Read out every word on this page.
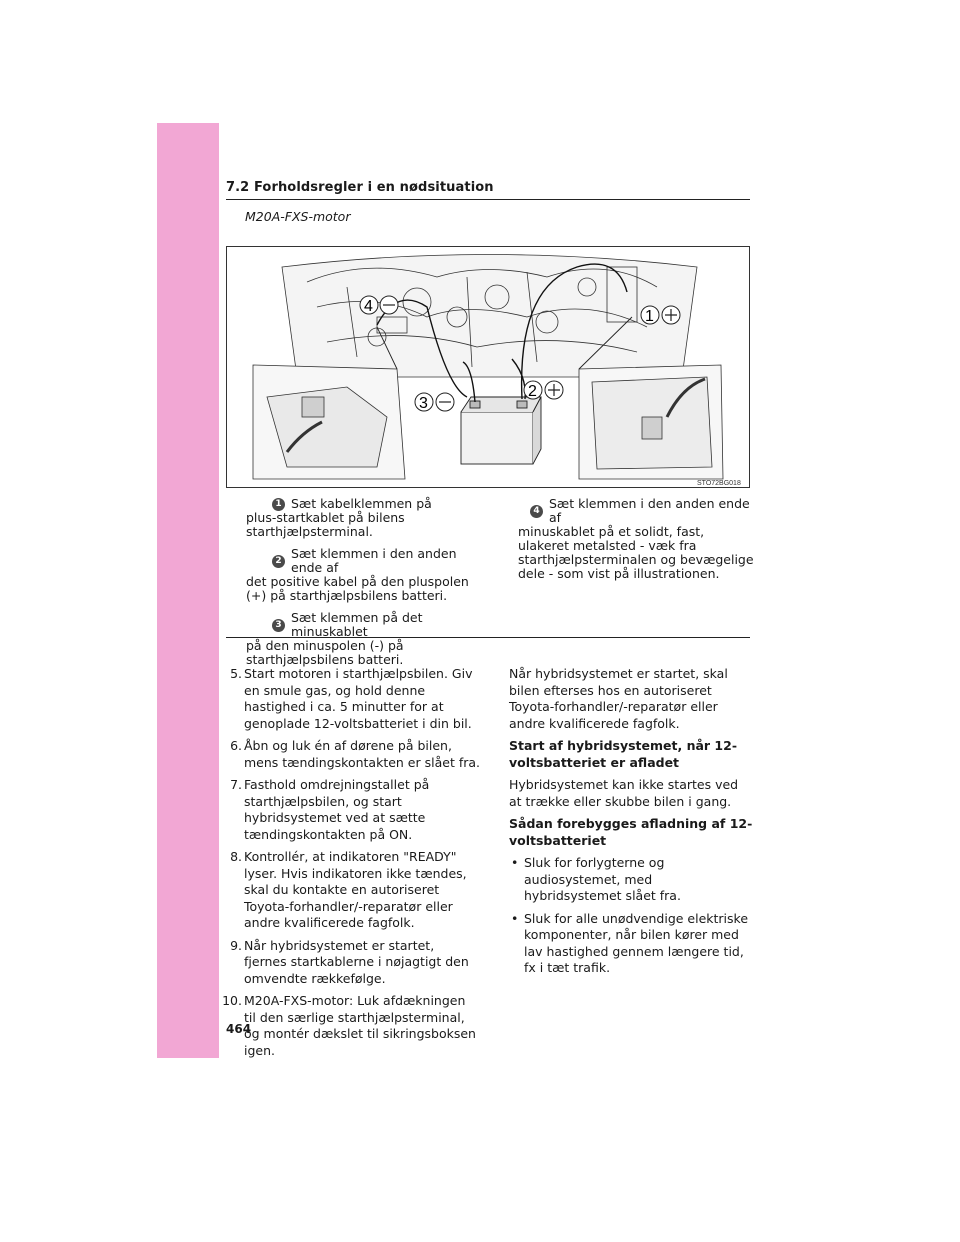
7.2 Forholdsregler i en nødsituation
M20A-FXS-motor
4
1
2
3
STO72BG018
1 Sæt kabelklemmen på
plus-startkablet på bilens starthjælpsterminal.
2 Sæt klemmen i den anden ende af
det positive kabel på den pluspolen (+) på starthjælpsbilens batteri.
3 Sæt klemmen på det minuskablet
på den minuspolen (-) på starthjælpsbilens batteri.
4 Sæt klemmen i den anden ende af
minuskablet på et solidt, fast, ulakeret metalsted - væk fra starthjælpsterminalen og bevægelige dele - som vist på illustrationen.
5. Start motoren i starthjælpsbilen. Giv en smule gas, og hold denne hastighed i ca. 5 minutter for at genoplade 12-voltsbatteriet i din bil.
6. Åbn og luk én af dørene på bilen, mens tændingskontakten er slået fra.
7. Fasthold omdrejningstallet på starthjælpsbilen, og start hybridsystemet ved at sætte tændingskontakten på ON.
8. Kontrollér, at indikatoren "READY" lyser. Hvis indikatoren ikke tændes, skal du kontakte en autoriseret Toyota-forhandler/-reparatør eller andre kvalificerede fagfolk.
9. Når hybridsystemet er startet, fjernes startkablerne i nøjagtigt den omvendte rækkefølge.
10. M20A-FXS-motor: Luk afdækningen til den særlige starthjælpsterminal, og montér dækslet til sikringsboksen igen.

Når hybridsystemet er startet, skal bilen efterses hos en autoriseret Toyota-forhandler/-reparatør eller andre kvalificerede fagfolk.

Start af hybridsystemet, når 12-voltsbatteriet er afladet

Hybridsystemet kan ikke startes ved at trække eller skubbe bilen i gang.

Sådan forebygges afladning af 12-voltsbatteriet
• Sluk for forlygterne og audiosystemet, med hybridsystemet slået fra.
• Sluk for alle unødvendige elektriske komponenter, når bilen kører med lav hastighed gennem længere tid, fx i tæt trafik.
464
